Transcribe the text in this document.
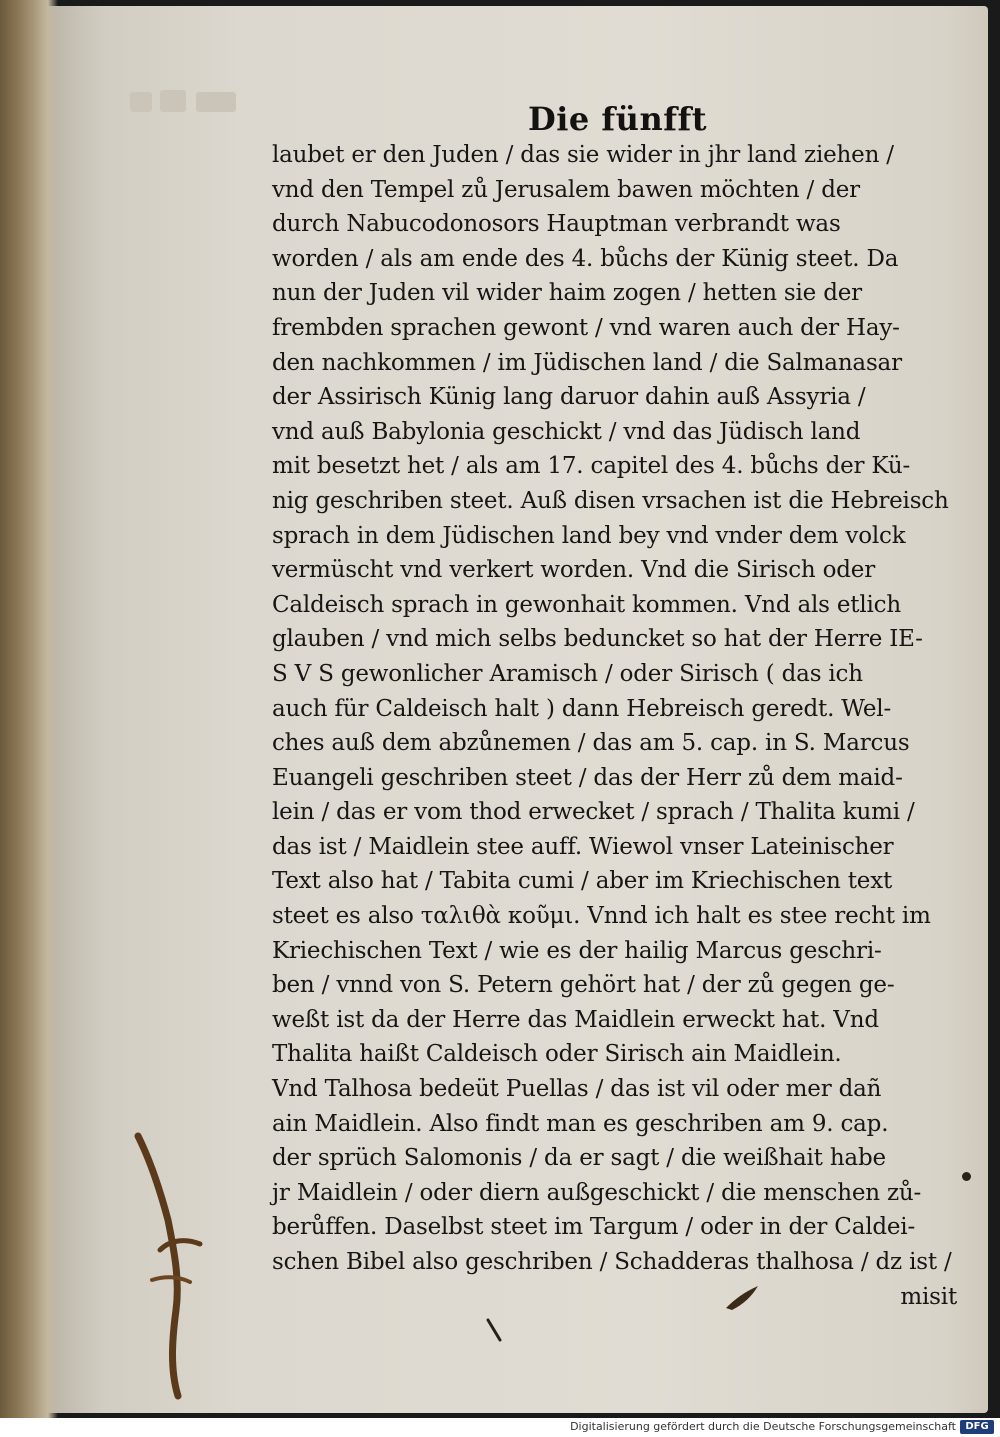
Die fünfft
laubet er den Juden / das sie wider in jhr land ziehen /
vnd den Tempel zů Jerusalem bawen möchten / der
durch Nabucodonosors Hauptman verbrandt was
worden / als am ende des 4. bůchs der Künig steet. Da
nun der Juden vil wider haim zogen / hetten sie der
frembden sprachen gewont / vnd waren auch der Hay-
den nachkommen / im Jüdischen land / die Salmanasar
der Assirisch Künig lang daruor dahin auß Assyria /
vnd auß Babylonia geschickt / vnd das Jüdisch land
mit besetzt het / als am 17. capitel des 4. bůchs der Kü-
nig geschriben steet. Auß disen vrsachen ist die Hebreisch
sprach in dem Jüdischen land bey vnd vnder dem volck
vermüscht vnd verkert worden. Vnd die Sirisch oder
Caldeisch sprach in gewonhait kommen. Vnd als etlich
glauben / vnd mich selbs beduncket so hat der Herre IE-
S V S gewonlicher Aramisch / oder Sirisch ( das ich
auch für Caldeisch halt ) dann Hebreisch geredt. Wel-
ches auß dem abzůnemen / das am 5. cap. in S. Marcus
Euangeli geschriben steet / das der Herr zů dem maid-
lein / das er vom thod erwecket / sprach / Thalita kumi /
das ist / Maidlein stee auff. Wiewol vnser Lateinischer
Text also hat / Tabita cumi / aber im Kriechischen text
steet es also ταλιθὰ κοῦμι. Vnnd ich halt es stee recht im
Kriechischen Text / wie es der hailig Marcus geschri-
ben / vnnd von S. Petern gehört hat / der zů gegen ge-
weßt ist da der Herre das Maidlein erweckt hat. Vnd
Thalita haißt Caldeisch oder Sirisch ain Maidlein.
Vnd Talhosa bedeüt Puellas / das ist vil oder mer dañ
ain Maidlein. Also findt man es geschriben am 9. cap.
der sprüch Salomonis / da er sagt / die weißhait habe
jr Maidlein / oder diern außgeschickt / die menschen zů-
berůffen. Daselbst steet im Targum / oder in der Caldei-
schen Bibel also geschriben / Schadderas thalhosa / dz ist /
misit
Digitalisierung gefördert durch die Deutsche Forschungsgemeinschaft DFG
